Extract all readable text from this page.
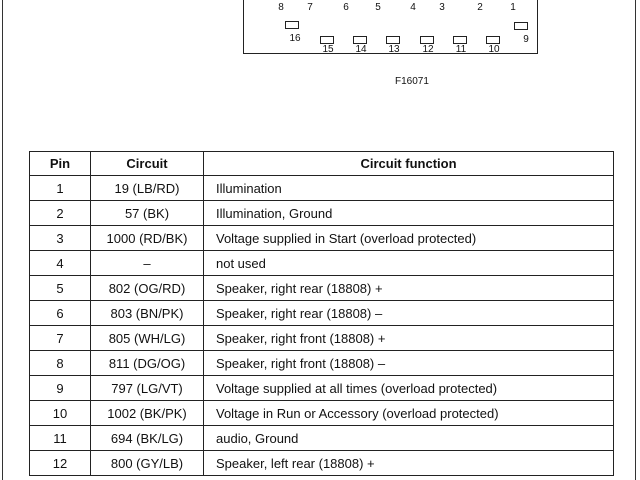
8	7	6	5	4	3	2	1
16
15	14	13	12	11	10
9
F16071
Pin	Circuit	Circuit function
1	19 (LB/RD)	Illumination
2	57 (BK)	Illumination, Ground
3	1000 (RD/BK)	Voltage supplied in Start (overload protected)
4	–	not used
5	802 (OG/RD)	Speaker, right rear (18808) +
6	803 (BN/PK)	Speaker, right rear (18808) –
7	805 (WH/LG)	Speaker, right front (18808) +
8	811 (DG/OG)	Speaker, right front (18808) –
9	797 (LG/VT)	Voltage supplied at all times (overload protected)
10	1002 (BK/PK)	Voltage in Run or Accessory (overload protected)
11	694 (BK/LG)	audio, Ground
12	800 (GY/LB)	Speaker, left rear (18808) +
